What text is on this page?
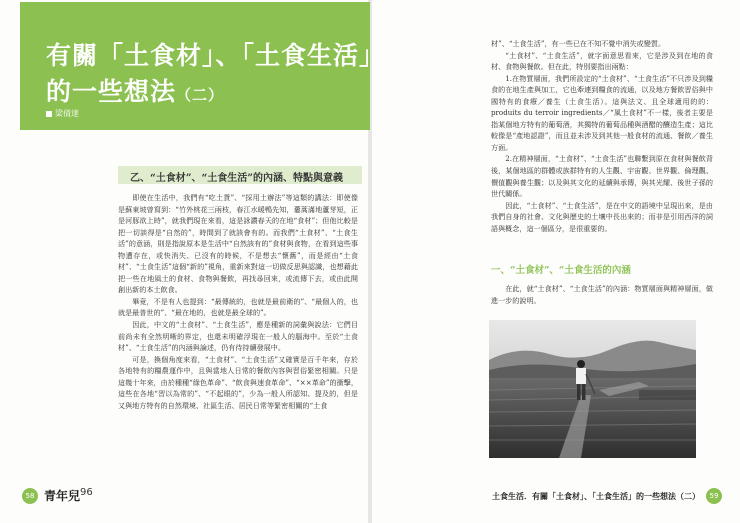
有關「土食材」、「土食生活」
的一些想法（二）
梁倩達
乙、“土食材”、“土食生活”的內涵、特點與意義

即使在生活中，我們有“吃土貨”、“採用土辦法”等這類的講法：即使像是蘇東坡曾寫到：“竹外桃花三兩枝，春江水暖鴨先知，蔞蒿滿地蘆芽短，正是河豚欲上時”，就我們現在來看，這是詠讚春天的在地“食材”；但他比較是把一切談得是“自然的”，時間到了就該會有的。而我們“土食材”、“土食生活”的意涵，則是指說原本是生活中“自然該有的”食材與食物，在看到這些事物遭存在，或快消失、已沒有的時候，不是想去“懷舊”，而是經由“土食材”、“土食生活”這個“新的”視角，重新來對這一切做反思與認識，也想藉此把一些在地風土的食材、食物與餐飲，再找尋回來，或流傳下去，或由此開創出新的本土飲食。

畢竟，不是有人也提到：“最傳統的，也就是最前衛的”、“最個人的，也就是最普世的”、“最在地的，也就是最全球的”。

因此，中文的“土食材”、“土食生活”，應是種新的詞彙與說法：它們目前尚未有全然明晰的界定，也還未明確浮現在一般人的腦海中。至於“土食材”、“土食生活”的內涵與論述，仍有待持續發展中。

可是，換個角度來看，“土食材”、“土食生活”又確實是百千年來，存於各地特有的糧農運作中，且與當地人日常的餐飲內容與習俗緊密相關。只是這幾十年來，由於種種“綠色革命”、“飲食與速食革命”、“××革命”的衝擊，這些在各地“習以為常的”、“不起眼的”，少為一般人所認知、提及的，但是又與地方特有的自然環境、社區生活、居民日常等緊密相關的“土食

材”、“土食生活”，有一些已在不知不覺中消失或變質。

“土食材”、“土食生活”，就字面意思看來，它是涉及到在地的食材、食物與餐飲。但在此，特別要指出兩點：

1.在物質層面，我們所設定的“土食材”、“土食生活”不只涉及到糧食的在地生產與加工，它也牽連到糧食的流通，以及地方餐飲習俗與中國特有的食療／養生（土食生活）。這與法文、且全球適用的的：produits du terroir ingredients／“風土食材”不一樣，後者主要是指某個地方特有的葡萄酒，其獨特的葡萄品種與酒醋的釀造生產；這比較像是“產地認證”，而且並未涉及到其他一般食材的流通、餐飲／養生方面。

2.在精神層面，“土食材”、“土食生活”也聯繫到原在食材與餐飲背後，某個地區的群體或族群特有的人生觀、宇宙觀、世界觀、倫理觀、價值觀與養生觀；以及與其文化的延續與承傳，與其光耀、後世子孫的世代關係。

因此，“土食材”、“土食生活”，是在中文的語境中呈現出來，是由我們自身的社會、文化與歷史的土壤中長出來的；而非是引用西洋的詞語與概念，這一個區分，是很重要的。

一、“土食材”、“土食生活的內涵

在此，就“土食材”、“土食生活”的內涵：物質層面與精神層面，做進一步的說明。

58 青年兒 96	土食生活．有關「土食材」、「土食生活」的一些想法（二）	59
